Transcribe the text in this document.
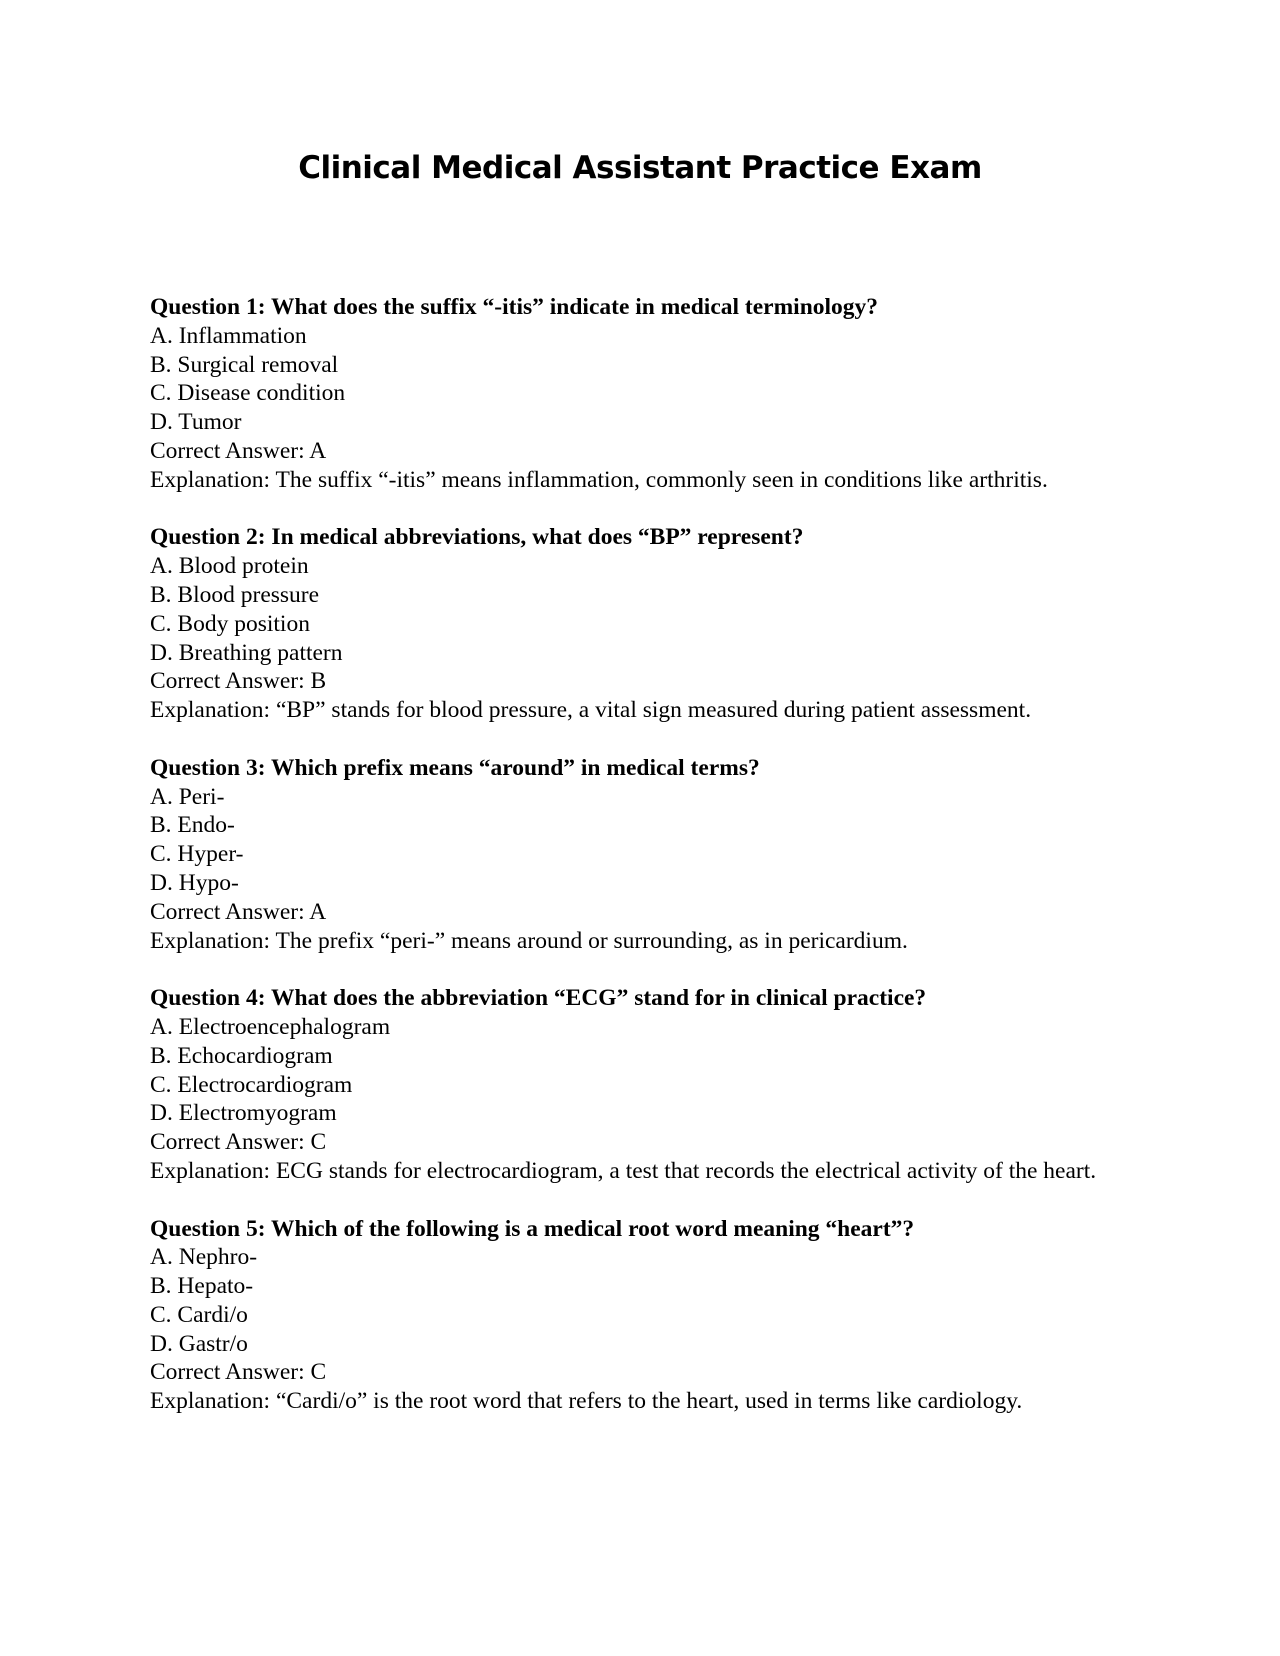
Clinical Medical Assistant Practice Exam

Question 1: What does the suffix “-itis” indicate in medical terminology?

A. Inflammation

B. Surgical removal

C. Disease condition

D. Tumor

Correct Answer: A

Explanation: The suffix “-itis” means inflammation, commonly seen in conditions like arthritis.

Question 2: In medical abbreviations, what does “BP” represent?

A. Blood protein

B. Blood pressure

C. Body position

D. Breathing pattern

Correct Answer: B

Explanation: “BP” stands for blood pressure, a vital sign measured during patient assessment.

Question 3: Which prefix means “around” in medical terms?

A. Peri-

B. Endo-

C. Hyper-

D. Hypo-

Correct Answer: A

Explanation: The prefix “peri-” means around or surrounding, as in pericardium.

Question 4: What does the abbreviation “ECG” stand for in clinical practice?

A. Electroencephalogram

B. Echocardiogram

C. Electrocardiogram

D. Electromyogram

Correct Answer: C

Explanation: ECG stands for electrocardiogram, a test that records the electrical activity of the heart.

Question 5: Which of the following is a medical root word meaning “heart”?

A. Nephro-

B. Hepato-

C. Cardi/o

D. Gastr/o

Correct Answer: C

Explanation: “Cardi/o” is the root word that refers to the heart, used in terms like cardiology.
